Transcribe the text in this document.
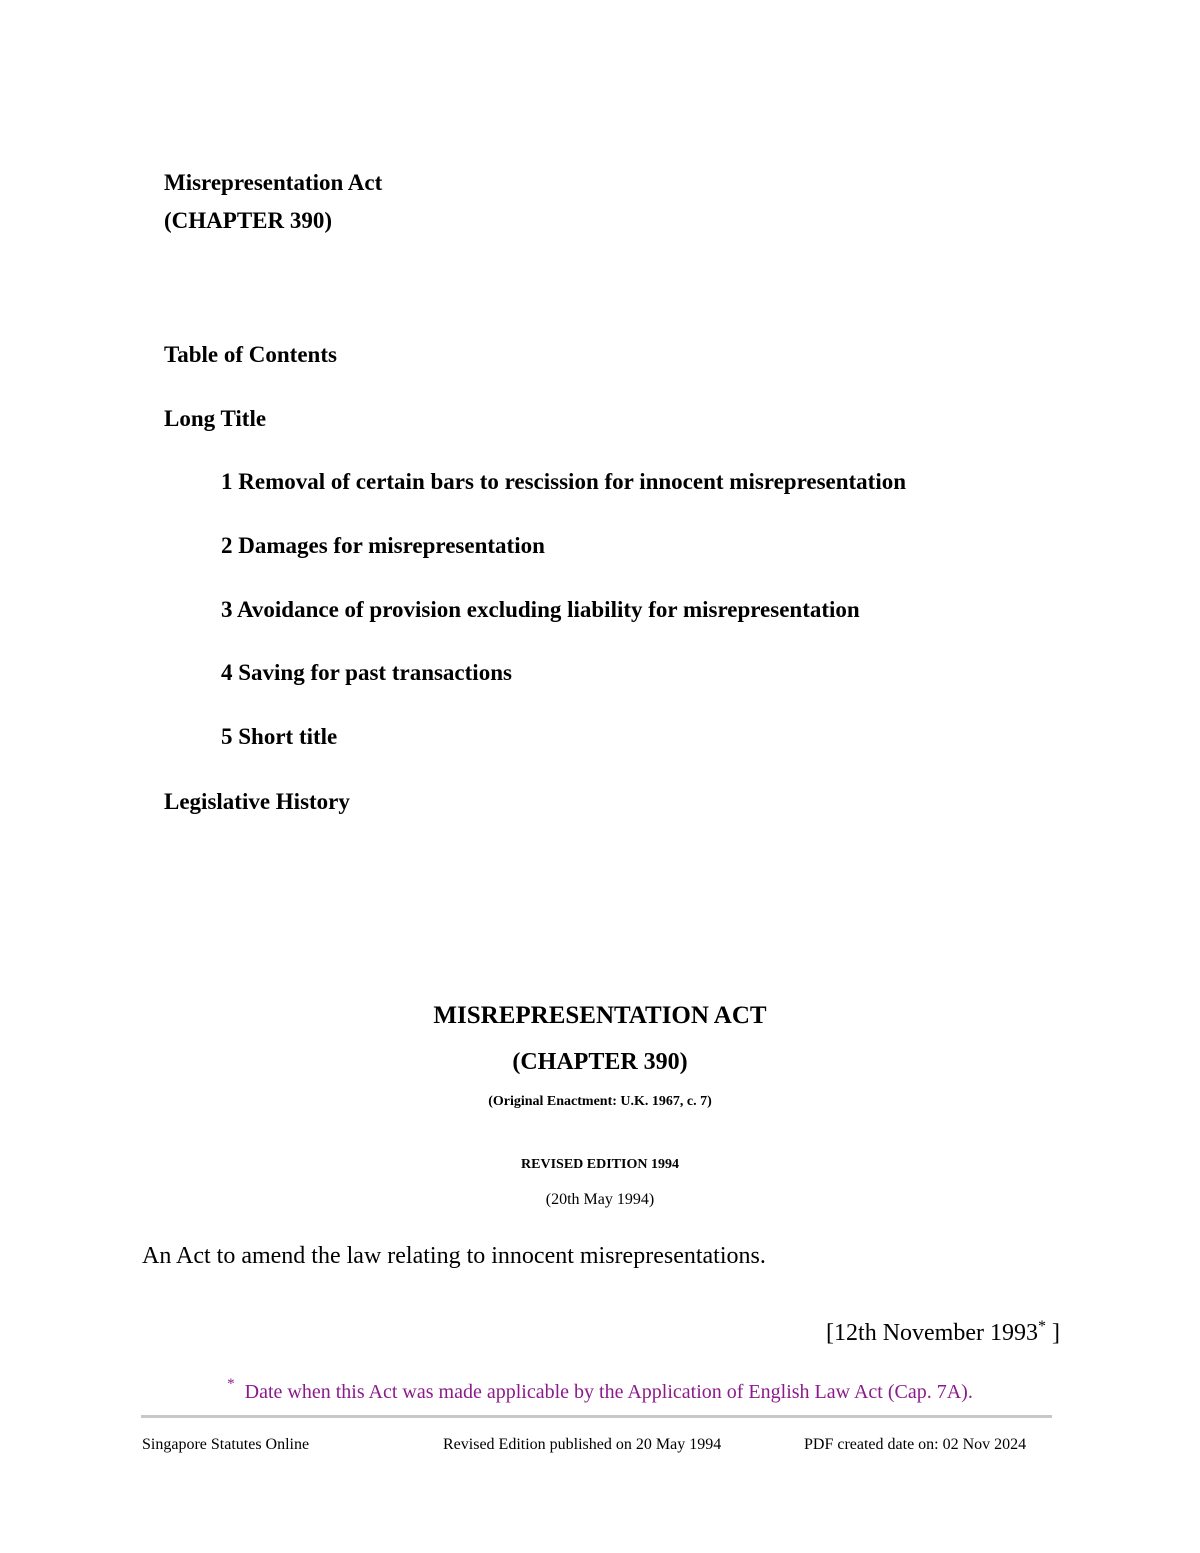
Misrepresentation Act
(CHAPTER 390)
Table of Contents
Long Title
1 Removal of certain bars to rescission for innocent misrepresentation
2 Damages for misrepresentation
3 Avoidance of provision excluding liability for misrepresentation
4 Saving for past transactions
5 Short title
Legislative History
MISREPRESENTATION ACT
(CHAPTER 390)
(Original Enactment: U.K. 1967, c. 7)
REVISED EDITION 1994
(20th May 1994)
An Act to amend the law relating to innocent misrepresentations.
[12th November 1993* ]
* Date when this Act was made applicable by the Application of English Law Act (Cap. 7A).
Singapore Statutes Online	Revised Edition published on 20 May 1994	PDF created date on: 02 Nov 2024
